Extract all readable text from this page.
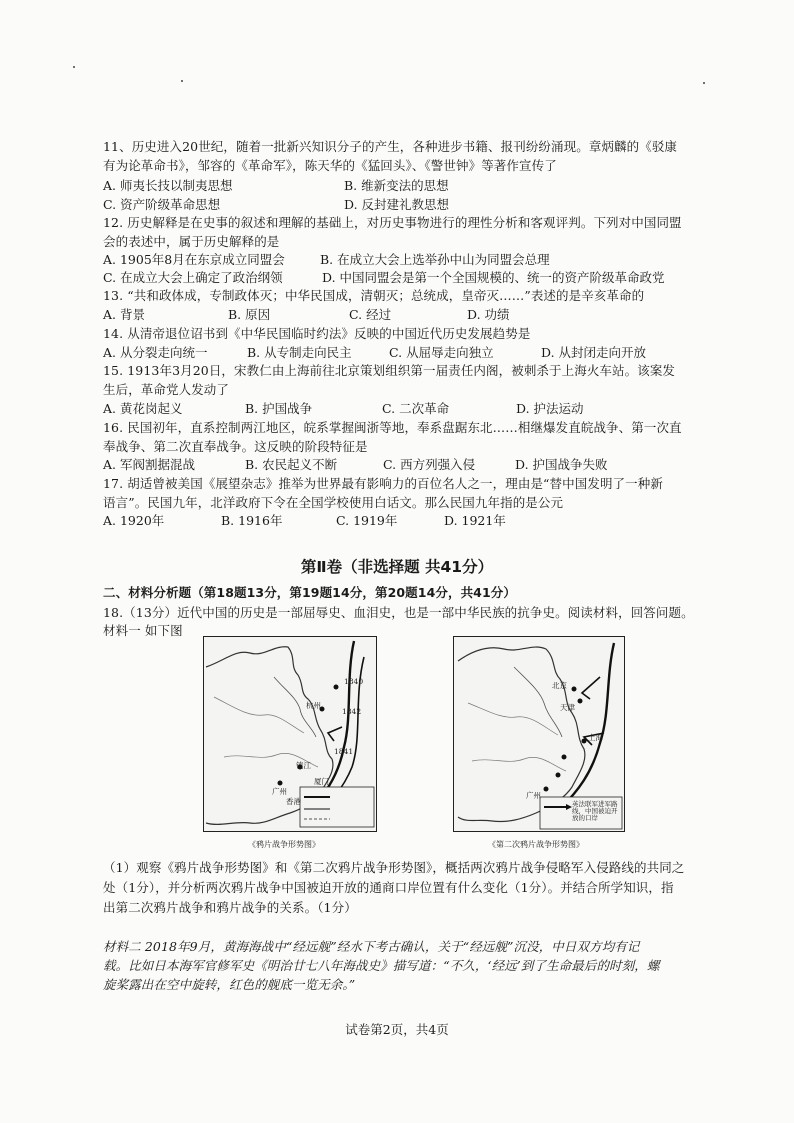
11、历史进入20世纪，随着一批新兴知识分子的产生，各种进步书籍、报刊纷纷涌现。章炳麟的《驳康
有为论革命书》，邹容的《革命军》，陈天华的《猛回头》、《警世钟》等著作宣传了
A. 师夷长技以制夷思想	B. 维新变法的思想
C. 资产阶级革命思想	D. 反封建礼教思想
12. 历史解释是在史事的叙述和理解的基础上，对历史事物进行的理性分析和客观评判。下列对中国同盟
会的表述中，属于历史解释的是
A. 1905年8月在东京成立同盟会	B. 在成立大会上选举孙中山为同盟会总理
C. 在成立大会上确定了政治纲领	D. 中国同盟会是第一个全国规模的、统一的资产阶级革命政党
13. “共和政体成，专制政体灭；中华民国成，清朝灭；总统成，皇帝灭……”表述的是辛亥革命的
A. 背景	B. 原因	C. 经过	D. 功绩
14. 从清帝退位诏书到《中华民国临时约法》反映的中国近代历史发展趋势是
A. 从分裂走向统一	B. 从专制走向民主	C. 从屈辱走向独立	D. 从封闭走向开放
15. 1913年3月20日，宋教仁由上海前往北京策划组织第一届责任内阁，被刺杀于上海火车站。该案发
生后，革命党人发动了
A. 黄花岗起义	B. 护国战争	C. 二次革命	D. 护法运动
16. 民国初年，直系控制两江地区，皖系掌握闽浙等地，奉系盘踞东北……相继爆发直皖战争、第一次直
奉战争、第二次直奉战争。这反映的阶段特征是
A. 军阀割据混战	B. 农民起义不断	C. 西方列强入侵	D. 护国战争失败
17. 胡适曾被美国《展望杂志》推举为世界最有影响力的百位名人之一，理由是“替中国发明了一种新
语言”。民国九年，北洋政府下令在全国学校使用白话文。那么民国九年指的是公元
A. 1920年	B. 1916年	C. 1919年	D. 1921年
第Ⅱ卷（非选择题 共41分）
二、材料分析题（第18题13分，第19题14分，第20题14分，共41分）
18.（13分）近代中国的历史是一部屈辱史、血泪史，也是一部中华民族的抗争史。阅读材料，回答问题。
材料一 如下图
杭州
1840
1842
广州
香港
镇江
1841
厦门
《鸦片战争形势图》
北京
天津
广州
上海
英法联军进军路线，中国被迫开放的口岸
《第二次鸦片战争形势图》
（1）观察《鸦片战争形势图》和《第二次鸦片战争形势图》，概括两次鸦片战争侵略军入侵路线的共同之
处（1分），并分析两次鸦片战争中国被迫开放的通商口岸位置有什么变化（1分）。并结合所学知识，指
出第二次鸦片战争和鸦片战争的关系。（1分）
材料二 2018年9月，黄海海战中“经远舰”经水下考古确认，关于“经远舰”沉没，中日双方均有记
载。比如日本海军官修军史《明治廿七八年海战史》描写道：“不久，‘经远’到了生命最后的时刻，螺
旋桨露出在空中旋转，红色的舰底一览无余。”
试卷第2页，共4页
